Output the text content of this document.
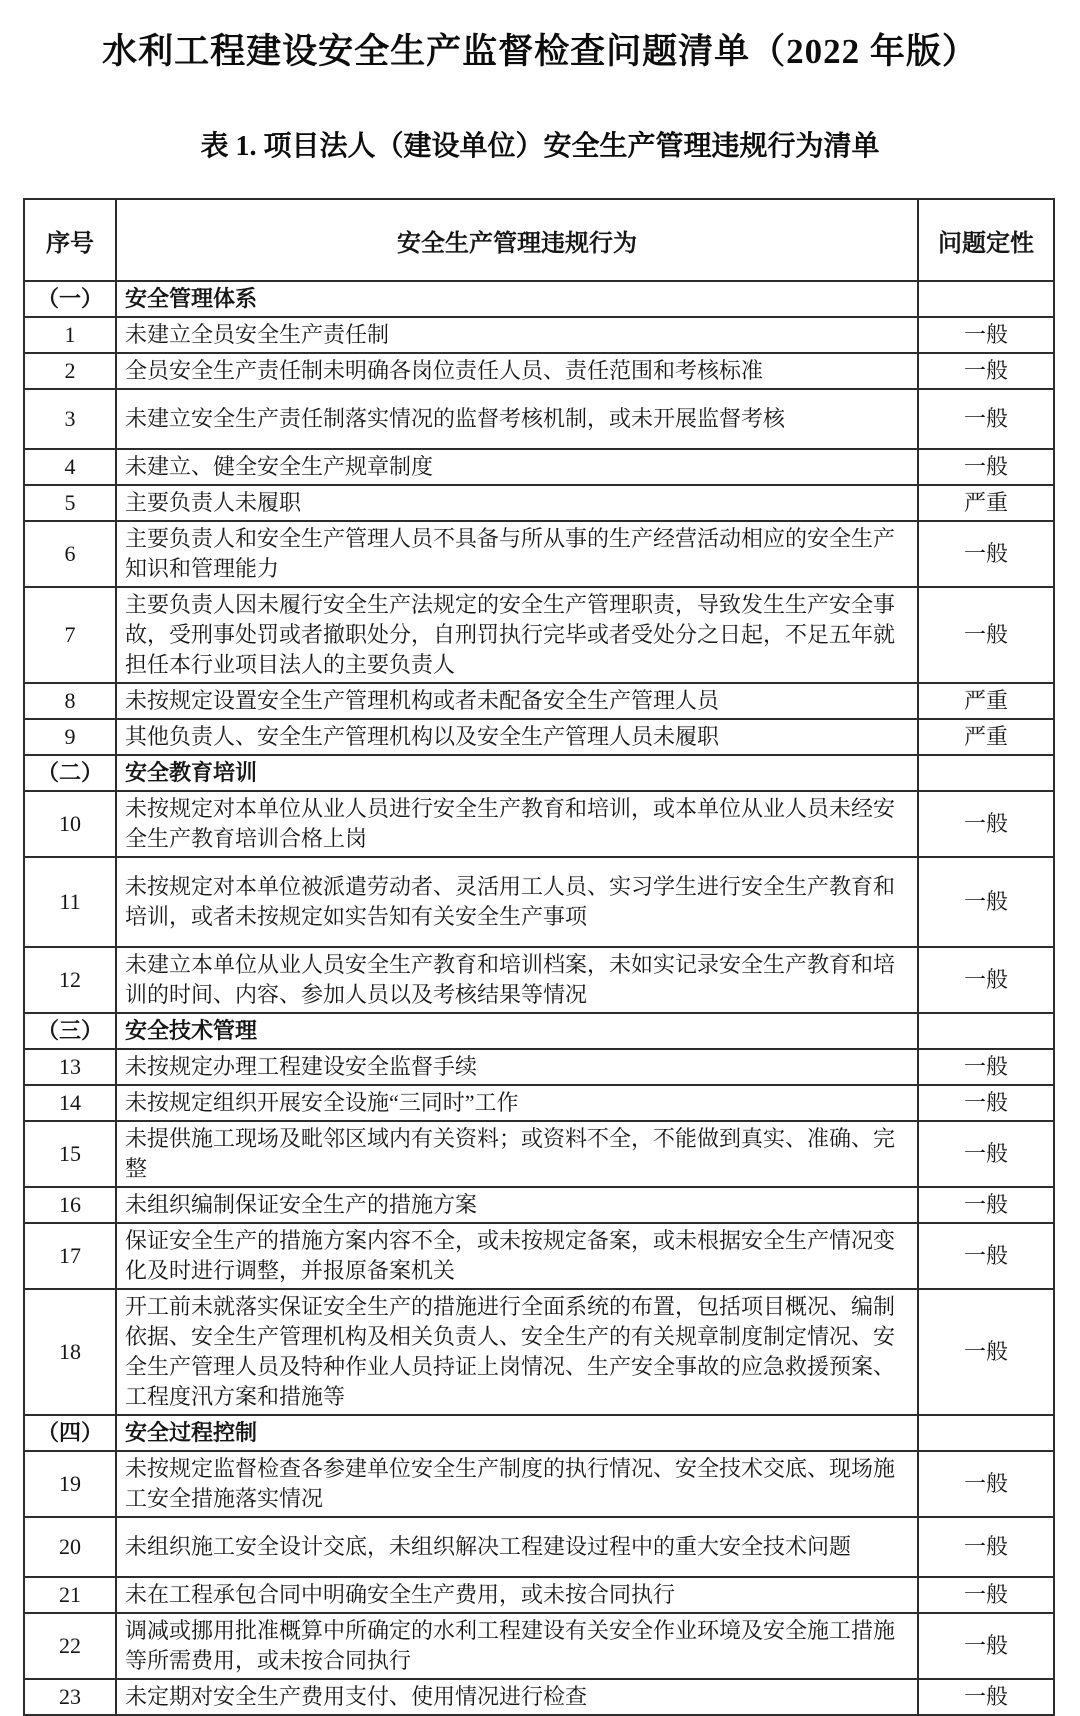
水利工程建设安全生产监督检查问题清单（2022 年版）
表 1. 项目法人（建设单位）安全生产管理违规行为清单
序号	安全生产管理违规行为	问题定性
（一）	安全管理体系	
1	未建立全员安全生产责任制	一般
2	全员安全生产责任制未明确各岗位责任人员、责任范围和考核标准	一般
3	未建立安全生产责任制落实情况的监督考核机制，或未开展监督考核	一般
4	未建立、健全安全生产规章制度	一般
5	主要负责人未履职	严重
6	主要负责人和安全生产管理人员不具备与所从事的生产经营活动相应的安全生产知识和管理能力	一般
7	主要负责人因未履行安全生产法规定的安全生产管理职责，导致发生生产安全事故，受刑事处罚或者撤职处分，自刑罚执行完毕或者受处分之日起，不足五年就担任本行业项目法人的主要负责人	一般
8	未按规定设置安全生产管理机构或者未配备安全生产管理人员	严重
9	其他负责人、安全生产管理机构以及安全生产管理人员未履职	严重
（二）	安全教育培训	
10	未按规定对本单位从业人员进行安全生产教育和培训，或本单位从业人员未经安全生产教育培训合格上岗	一般
11	未按规定对本单位被派遣劳动者、灵活用工人员、实习学生进行安全生产教育和培训，或者未按规定如实告知有关安全生产事项	一般
12	未建立本单位从业人员安全生产教育和培训档案，未如实记录安全生产教育和培训的时间、内容、参加人员以及考核结果等情况	一般
（三）	安全技术管理	
13	未按规定办理工程建设安全监督手续	一般
14	未按规定组织开展安全设施“三同时”工作	一般
15	未提供施工现场及毗邻区域内有关资料；或资料不全，不能做到真实、准确、完整	一般
16	未组织编制保证安全生产的措施方案	一般
17	保证安全生产的措施方案内容不全，或未按规定备案，或未根据安全生产情况变化及时进行调整，并报原备案机关	一般
18	开工前未就落实保证安全生产的措施进行全面系统的布置，包括项目概况、编制依据、安全生产管理机构及相关负责人、安全生产的有关规章制度制定情况、安全生产管理人员及特种作业人员持证上岗情况、生产安全事故的应急救援预案、工程度汛方案和措施等	一般
（四）	安全过程控制	
19	未按规定监督检查各参建单位安全生产制度的执行情况、安全技术交底、现场施工安全措施落实情况	一般
20	未组织施工安全设计交底，未组织解决工程建设过程中的重大安全技术问题	一般
21	未在工程承包合同中明确安全生产费用，或未按合同执行	一般
22	调减或挪用批准概算中所确定的水利工程建设有关安全作业环境及安全施工措施等所需费用，或未按合同执行	一般
23	未定期对安全生产费用支付、使用情况进行检查	一般
